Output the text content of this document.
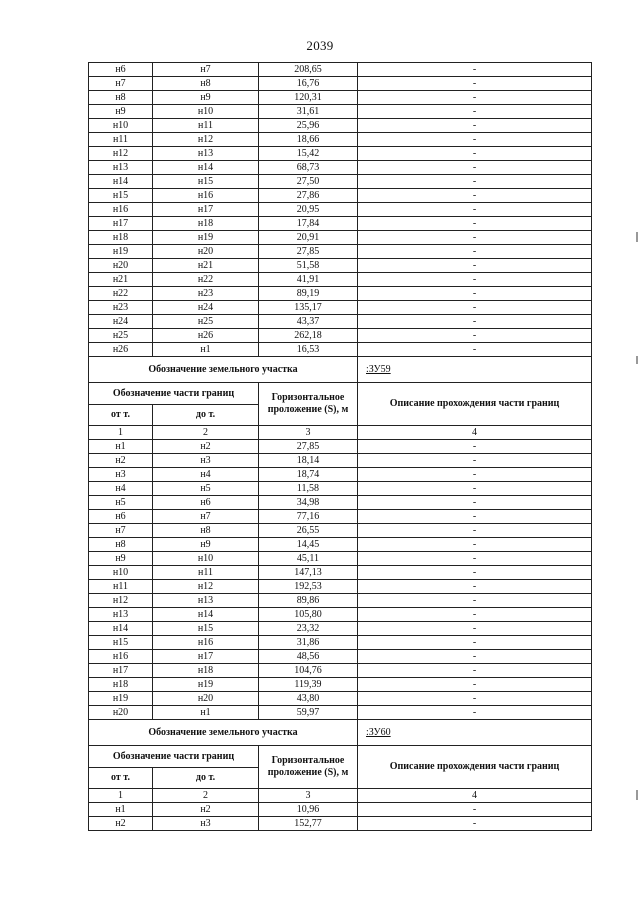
2039
н6	н7	208,65	-
н7	н8	16,76	-
н8	н9	120,31	-
н9	н10	31,61	-
н10	н11	25,96	-
н11	н12	18,66	-
н12	н13	15,42	-
н13	н14	68,73	-
н14	н15	27,50	-
н15	н16	27,86	-
н16	н17	20,95	-
н17	н18	17,84	-
н18	н19	20,91	-
н19	н20	27,85	-
н20	н21	51,58	-
н21	н22	41,91	-
н22	н23	89,19	-
н23	н24	135,17	-
н24	н25	43,37	-
н25	н26	262,18	-
н26	н1	16,53	-
Обозначение земельного участка			:ЗУ59
Обозначение части границ		Горизонтальное проложение (S), м	Описание прохождения части границ
от т.	до т.		
1	2	3	4
н1	н2	27,85	-
н2	н3	18,14	-
н3	н4	18,74	-
н4	н5	11,58	-
н5	н6	34,98	-
н6	н7	77,16	-
н7	н8	26,55	-
н8	н9	14,45	-
н9	н10	45,11	-
н10	н11	147,13	-
н11	н12	192,53	-
н12	н13	89,86	-
н13	н14	105,80	-
н14	н15	23,32	-
н15	н16	31,86	-
н16	н17	48,56	-
н17	н18	104,76	-
н18	н19	119,39	-
н19	н20	43,80	-
н20	н1	59,97	-
Обозначение земельного участка			:ЗУ60
Обозначение части границ		Горизонтальное проложение (S), м	Описание прохождения части границ
от т.	до т.		
1	2	3	4
н1	н2	10,96	-
н2	н3	152,77	-
